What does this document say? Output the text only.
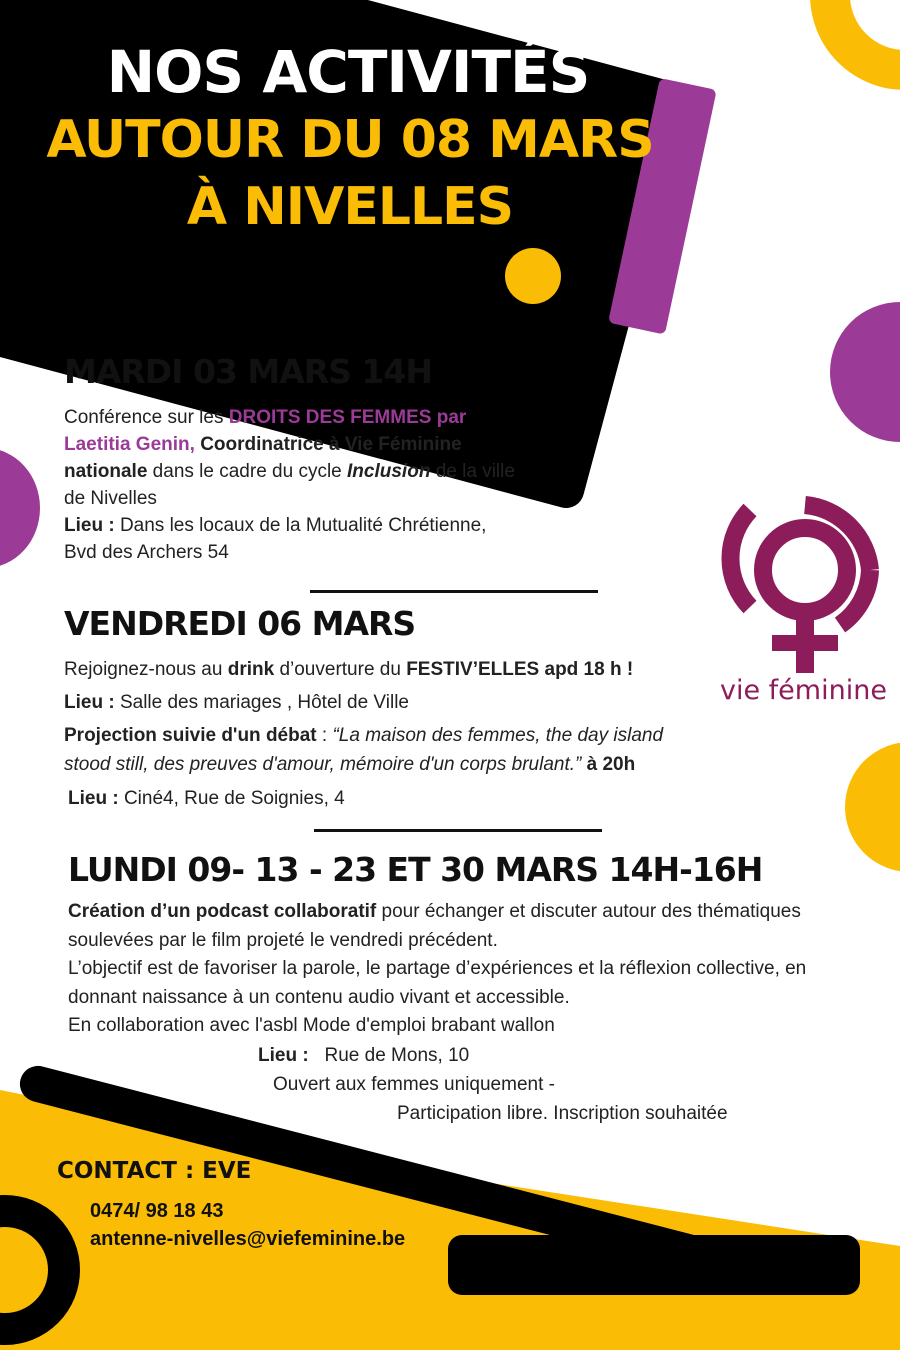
NOS ACTIVITÉS
AUTOUR DU 08 MARS
À NIVELLES
MARDI 03 MARS 14H
Conférence sur les DROITS DES FEMMES par
Laetitia Genin, Coordinatrice à Vie Féminine
nationale dans le cadre du cycle Inclusion de la ville
de Nivelles
Lieu : Dans les locaux de la Mutualité Chrétienne,
Bvd des Archers 54
VENDREDI 06 MARS
Rejoignez-nous au drink d’ouverture du FESTIV’ELLES apd 18 h !
Lieu : Salle des mariages , Hôtel de Ville
Projection suivie d'un débat : “La maison des femmes, the day island
stood still, des preuves d'amour, mémoire d'un corps brulant.” à 20h
Lieu : Ciné4, Rue de Soignies, 4
LUNDI 09- 13 - 23 ET 30 MARS 14H-16H
Création d’un podcast collaboratif pour échanger et discuter autour des thématiques
soulevées par le film projeté le vendredi précédent.
L’objectif est de favoriser la parole, le partage d’expériences et la réflexion collective, en
donnant naissance à un contenu audio vivant et accessible.
En collaboration avec l'asbl Mode d'emploi brabant wallon
Lieu :   Rue de Mons, 10
Ouvert aux femmes uniquement -
Participation libre. Inscription souhaitée
vie féminine
CONTACT : EVE
0474/ 98 18 43
antenne-nivelles@viefeminine.be
